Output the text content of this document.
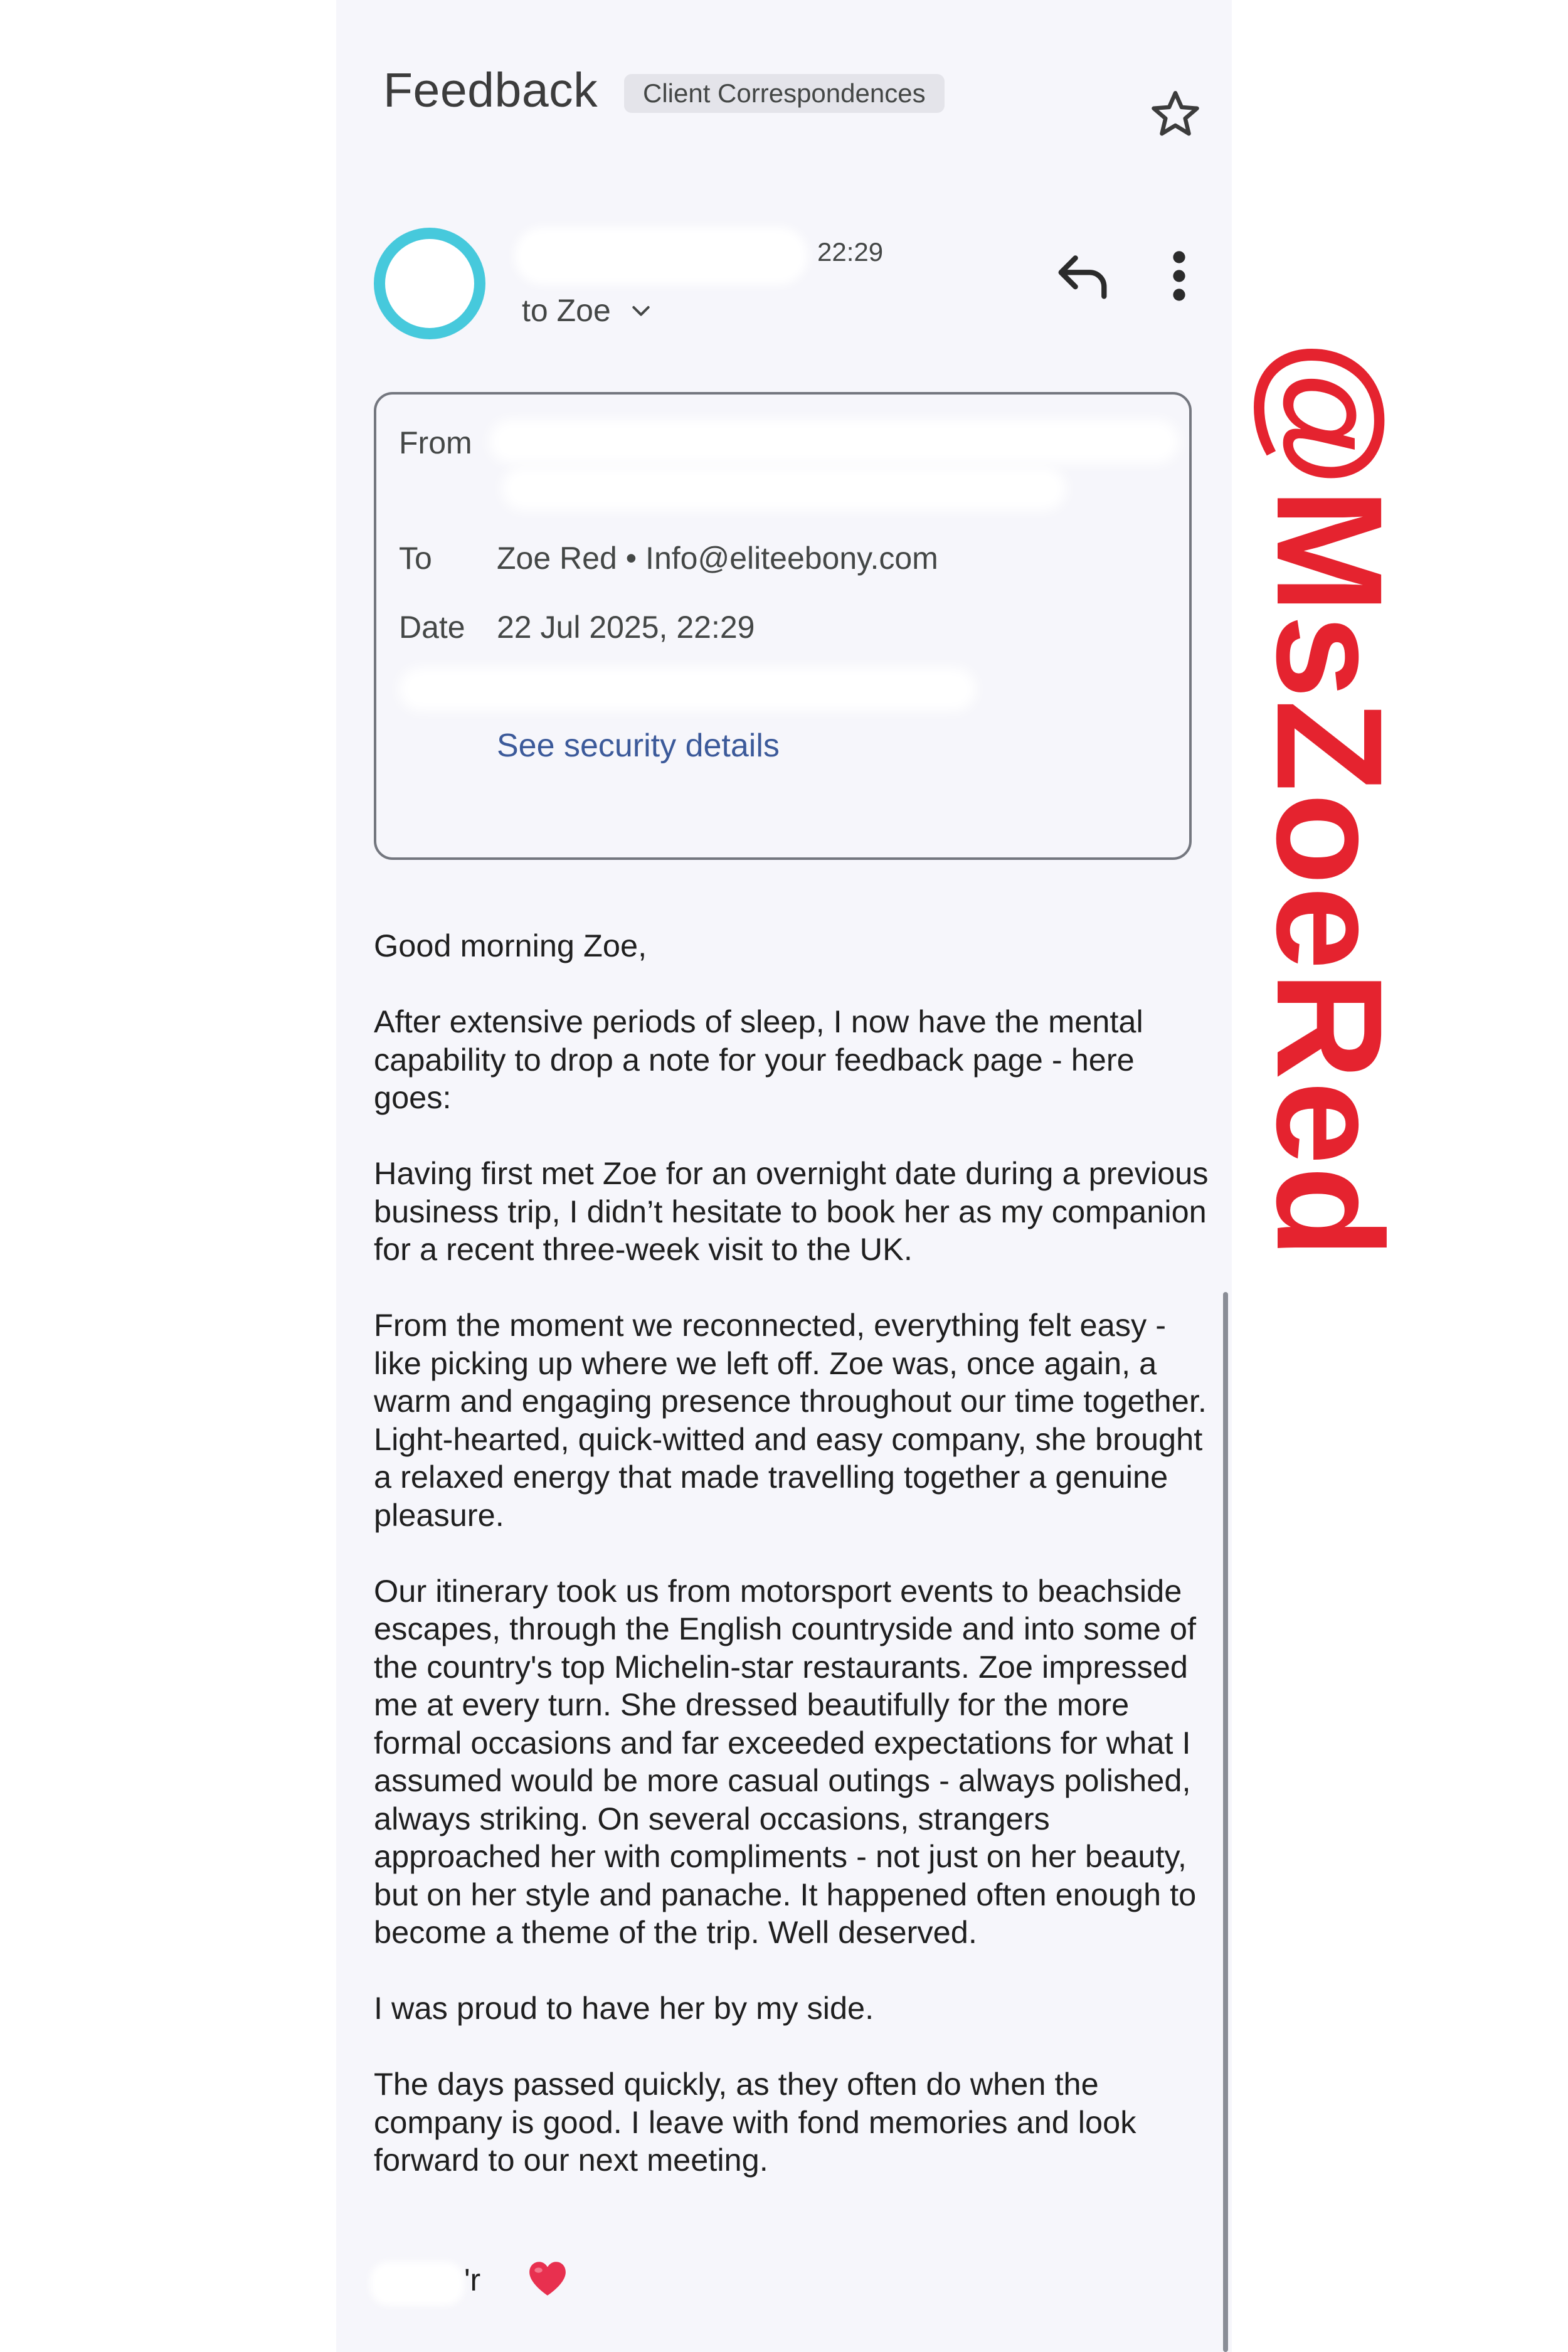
Feedback	Client Correspondences
22:29
to Zoe
From
To Zoe Red • Info@eliteebony.com
Date 22 Jul 2025, 22:29
See security details

Good morning Zoe,

After extensive periods of sleep, I now have the mental capability to drop a note for your feedback page - here goes:

Having first met Zoe for an overnight date during a previous business trip, I didn’t hesitate to book her as my companion for a recent three-week visit to the UK.

From the moment we reconnected, everything felt easy - like picking up where we left off. Zoe was, once again, a warm and engaging presence throughout our time together. Light-hearted, quick-witted and easy company, she brought a relaxed energy that made travelling together a genuine pleasure.

Our itinerary took us from motorsport events to beachside escapes, through the English countryside and into some of the country's top Michelin-star restaurants. Zoe impressed me at every turn. She dressed beautifully for the more formal occasions and far exceeded expectations for what I assumed would be more casual outings - always polished, always striking. On several occasions, strangers approached her with compliments - not just on her beauty, but on her style and panache. It happened often enough to become a theme of the trip. Well deserved.

I was proud to have her by my side.

The days passed quickly, as they often do when the company is good. I leave with fond memories and look forward to our next meeting.

'r
@MsZoeRed
